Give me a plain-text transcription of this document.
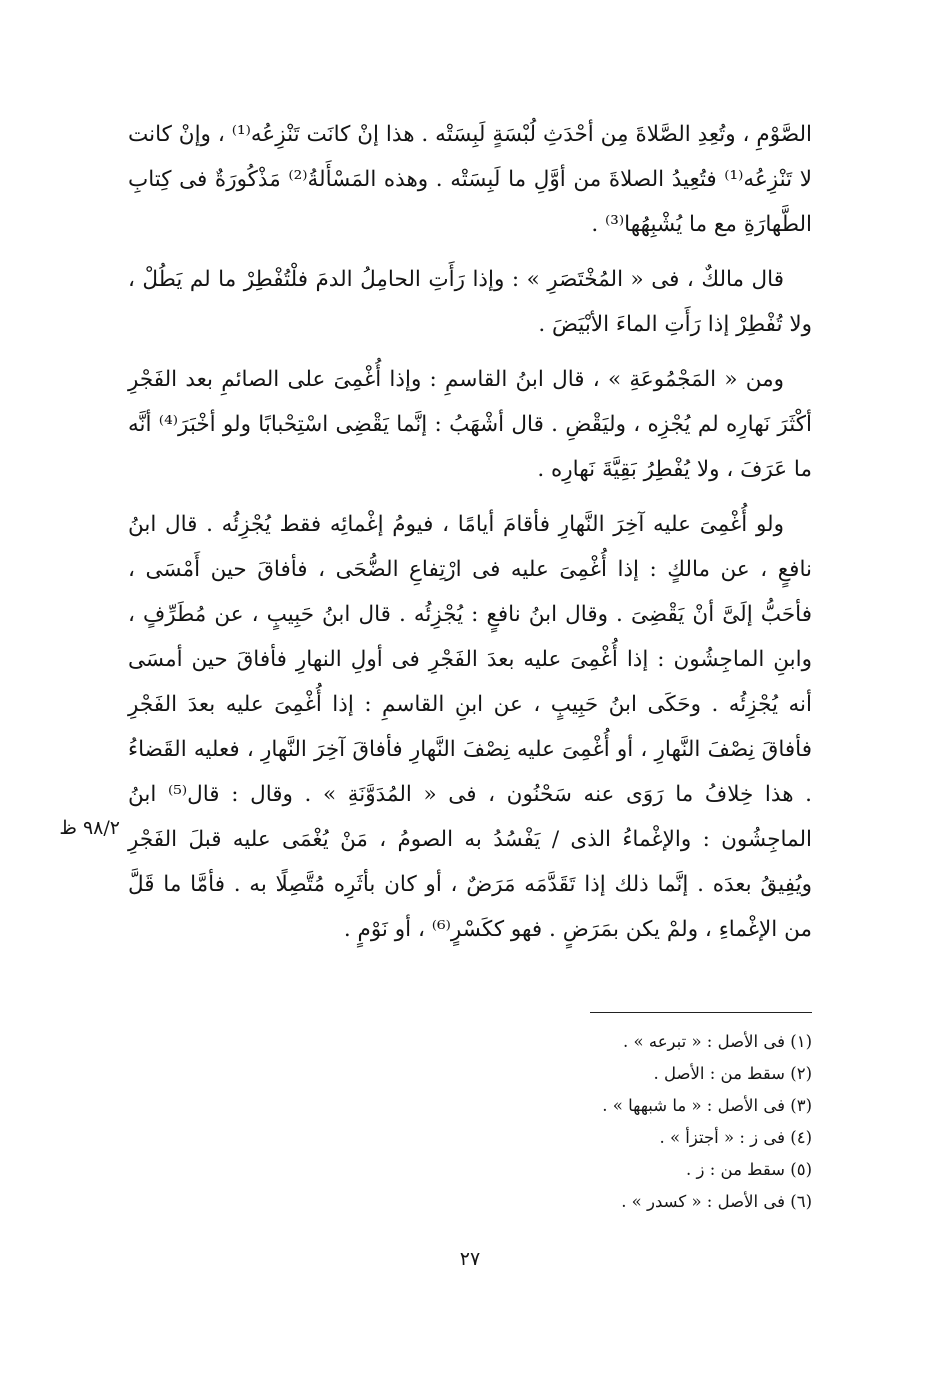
الصَّوْمِ ، وتُعِدِ الصَّلاةَ مِن أحْدَثِ لُبْسَةٍ لَبِسَتْه . هذا إنْ كانَت تَنْزِعُه⁽¹⁾ ، وإنْ كانت لا تَنْزِعُه⁽¹⁾ فتُعِيدُ الصلاةَ من أوَّلِ ما لَبِسَتْه . وهذه المَسْأَلةُ⁽²⁾ مَذْكُورَةٌ فى كِتابِ الطَّهارَةِ مع ما يُشْبِهُها⁽³⁾ .

قال مالكٌ ، فى « المُخْتَصَرِ » : وإذا رَأَتِ الحامِلُ الدمَ فلْتُفْطِرْ ما لم يَطُلْ ، ولا تُفْطِرْ إذا رَأَتِ الماءَ الأبْيَضَ .

ومن « المَجْمُوعَةِ » ، قال ابنُ القاسمِ : وإذا أُغْمِىَ على الصائمِ بعد الفَجْرِ أكْثَرَ نَهارِه لم يُجْزِه ، وليَقْضِ . قال أشْهَبُ : إنَّما يَقْضِى اسْتِحْبابًا ولو أخْبَرَ⁽⁴⁾ أنَّه ما عَرَفَ ، ولا يُفْطِرُ بَقِيَّةَ نَهارِه .

ولو أُغْمِىَ عليه آخِرَ النَّهارِ فأقامَ أيامًا ، فيومُ إغْمائِه فقط يُجْزِئُه . قال ابنُ نافعٍ ، عن مالكٍ : إذا أُغْمِىَ عليه فى ارْتِفاعِ الضُّحَى ، فأفاقَ حين أَمْسَى ، فأحَبُّ إلَىَّ أنْ يَقْضِىَ . وقال ابنُ نافعٍ : يُجْزِئُه . قال ابنُ حَبِيبٍ ، عن مُطَرِّفٍ ، وابنِ الماجِشُون : إذا أُغْمِىَ عليه بعدَ الفَجْرِ فى أولِ النهارِ فأفاقَ حين أمسَى أنه يُجْزِئُه . وحَكَى ابنُ حَبِيبٍ ، عن ابنِ القاسمِ : إذا أُغْمِىَ عليه بعدَ الفَجْرِ فأفاقَ نِصْفَ النَّهارِ ، أو أُغْمِىَ عليه نِصْفَ النَّهارِ فأفاقَ آخِرَ النَّهارِ ، فعليه القَضاءُ . هذا خِلافُ ما رَوَى عنه سَحْنُون ، فى « المُدَوَّنَةِ » . وقال : قال⁽⁵⁾ ابنُ الماجِشُون : والإغْماءُ الذى / يَفْسُدُ به الصومُ ، مَنْ يُغْمَى عليه قبلَ الفَجْرِ ويُفِيقُ بعدَه . إنَّما ذلك إذا تَقَدَّمَه مَرَضٌ ، أو كان بأثَرِه مُتَّصِلًا به . فأمَّا ما قَلَّ من الإغْماءِ ، ولمْ يكن بمَرَضٍ . فهو ككَسْرٍ⁽⁶⁾ ، أو نَوْمٍ .

٩٨/٢ ظ
(١) فى الأصل : « تبرعه » .
(٢) سقط من : الأصل .
(٣) فى الأصل : « ما شبهها » .
(٤) فى ز : « أجتزأ » .
(٥) سقط من : ز .
(٦) فى الأصل : « كسدر » .
٢٧
